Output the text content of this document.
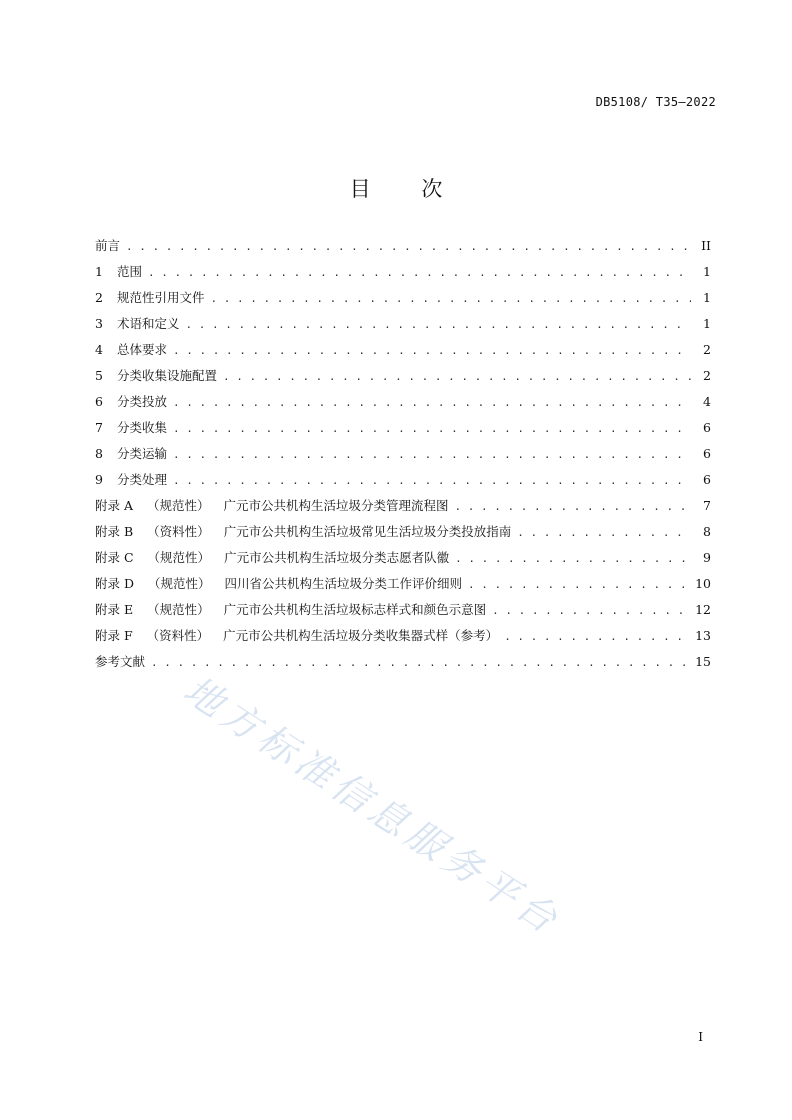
DB5108/ T35—2022
目 次
前言 . . .	II
1 范围 . . .	1
2 规范性引用文件 . . .	1
3 术语和定义 . . .	1
4 总体要求 . . .	2
5 分类收集设施配置 . . .	2
6 分类投放 . . .	4
7 分类收集 . . .	6
8 分类运输 . . .	6
9 分类处理 . . .	6
附录 A	（规范性）	广元市公共机构生活垃圾分类管理流程图 . . .	7
附录 B	（资料性）	广元市公共机构生活垃圾常见生活垃圾分类投放指南 . . .	8
附录 C	（规范性）	广元市公共机构生活垃圾分类志愿者队徽 . . .	9
附录 D	（规范性）	四川省公共机构生活垃圾分类工作评价细则 . . .	10
附录 E	（规范性）	广元市公共机构生活垃圾标志样式和颜色示意图 . . .	12
附录 F	（资料性）	广元市公共机构生活垃圾分类收集器式样（参考） . . .	13
参考文献 . . .	15
地方标准信息服务平台
I
